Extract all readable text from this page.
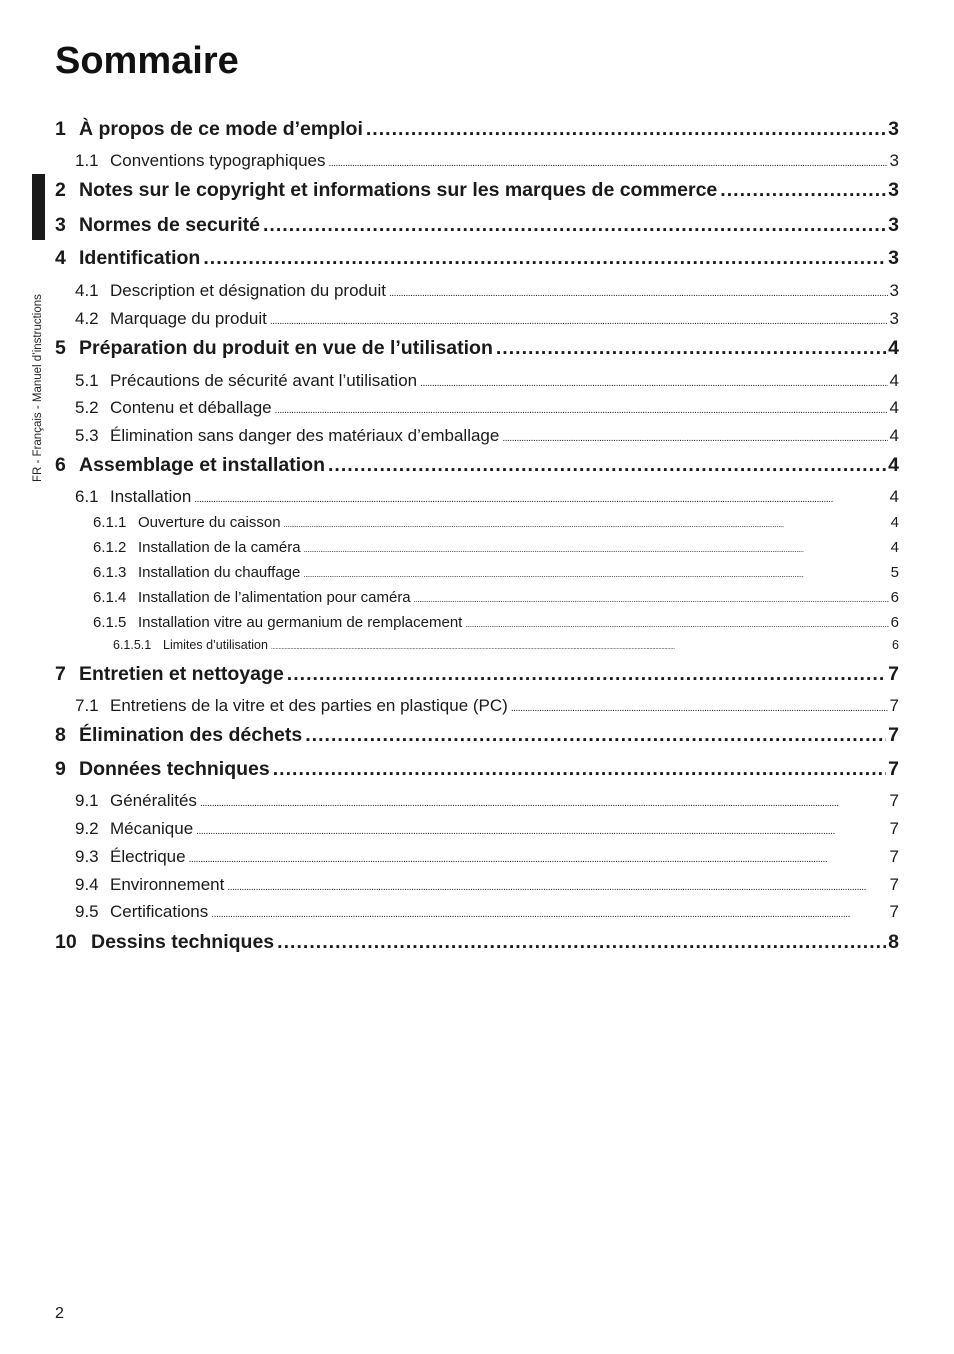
FR - Français - Manuel d’instructions
Sommaire
1 À propos de ce mode d’emploi . . .	3
1.1 Conventions typographiques . . .	3
2 Notes sur le copyright et informations sur les marques de commerce . . .	3
3 Normes de securité . . .	3
4 Identification . . .	3
4.1 Description et désignation du produit . . .	3
4.2 Marquage du produit . . .	3
5 Préparation du produit en vue de l’utilisation . . .	4
5.1 Précautions de sécurité avant l’utilisation . . .	4
5.2 Contenu et déballage . . .	4
5.3 Élimination sans danger des matériaux d’emballage . . .	4
6 Assemblage et installation . . .	4
6.1 Installation . . .	4
6.1.1 Ouverture du caisson . . .	4
6.1.2 Installation de la caméra . . .	4
6.1.3 Installation du chauffage . . .	5
6.1.4 Installation de l’alimentation pour caméra . . .	6
6.1.5 Installation vitre au germanium de remplacement . . .	6
6.1.5.1 Limites d’utilisation . . .	6
7 Entretien et nettoyage . . .	7
7.1 Entretiens de la vitre et des parties en plastique (PC) . . .	7
8 Élimination des déchets . . .	7
9 Données techniques . . .	7
9.1 Généralités . . .	7
9.2 Mécanique . . .	7
9.3 Électrique . . .	7
9.4 Environnement . . .	7
9.5 Certifications . . .	7
10 Dessins techniques . . .	8
2
